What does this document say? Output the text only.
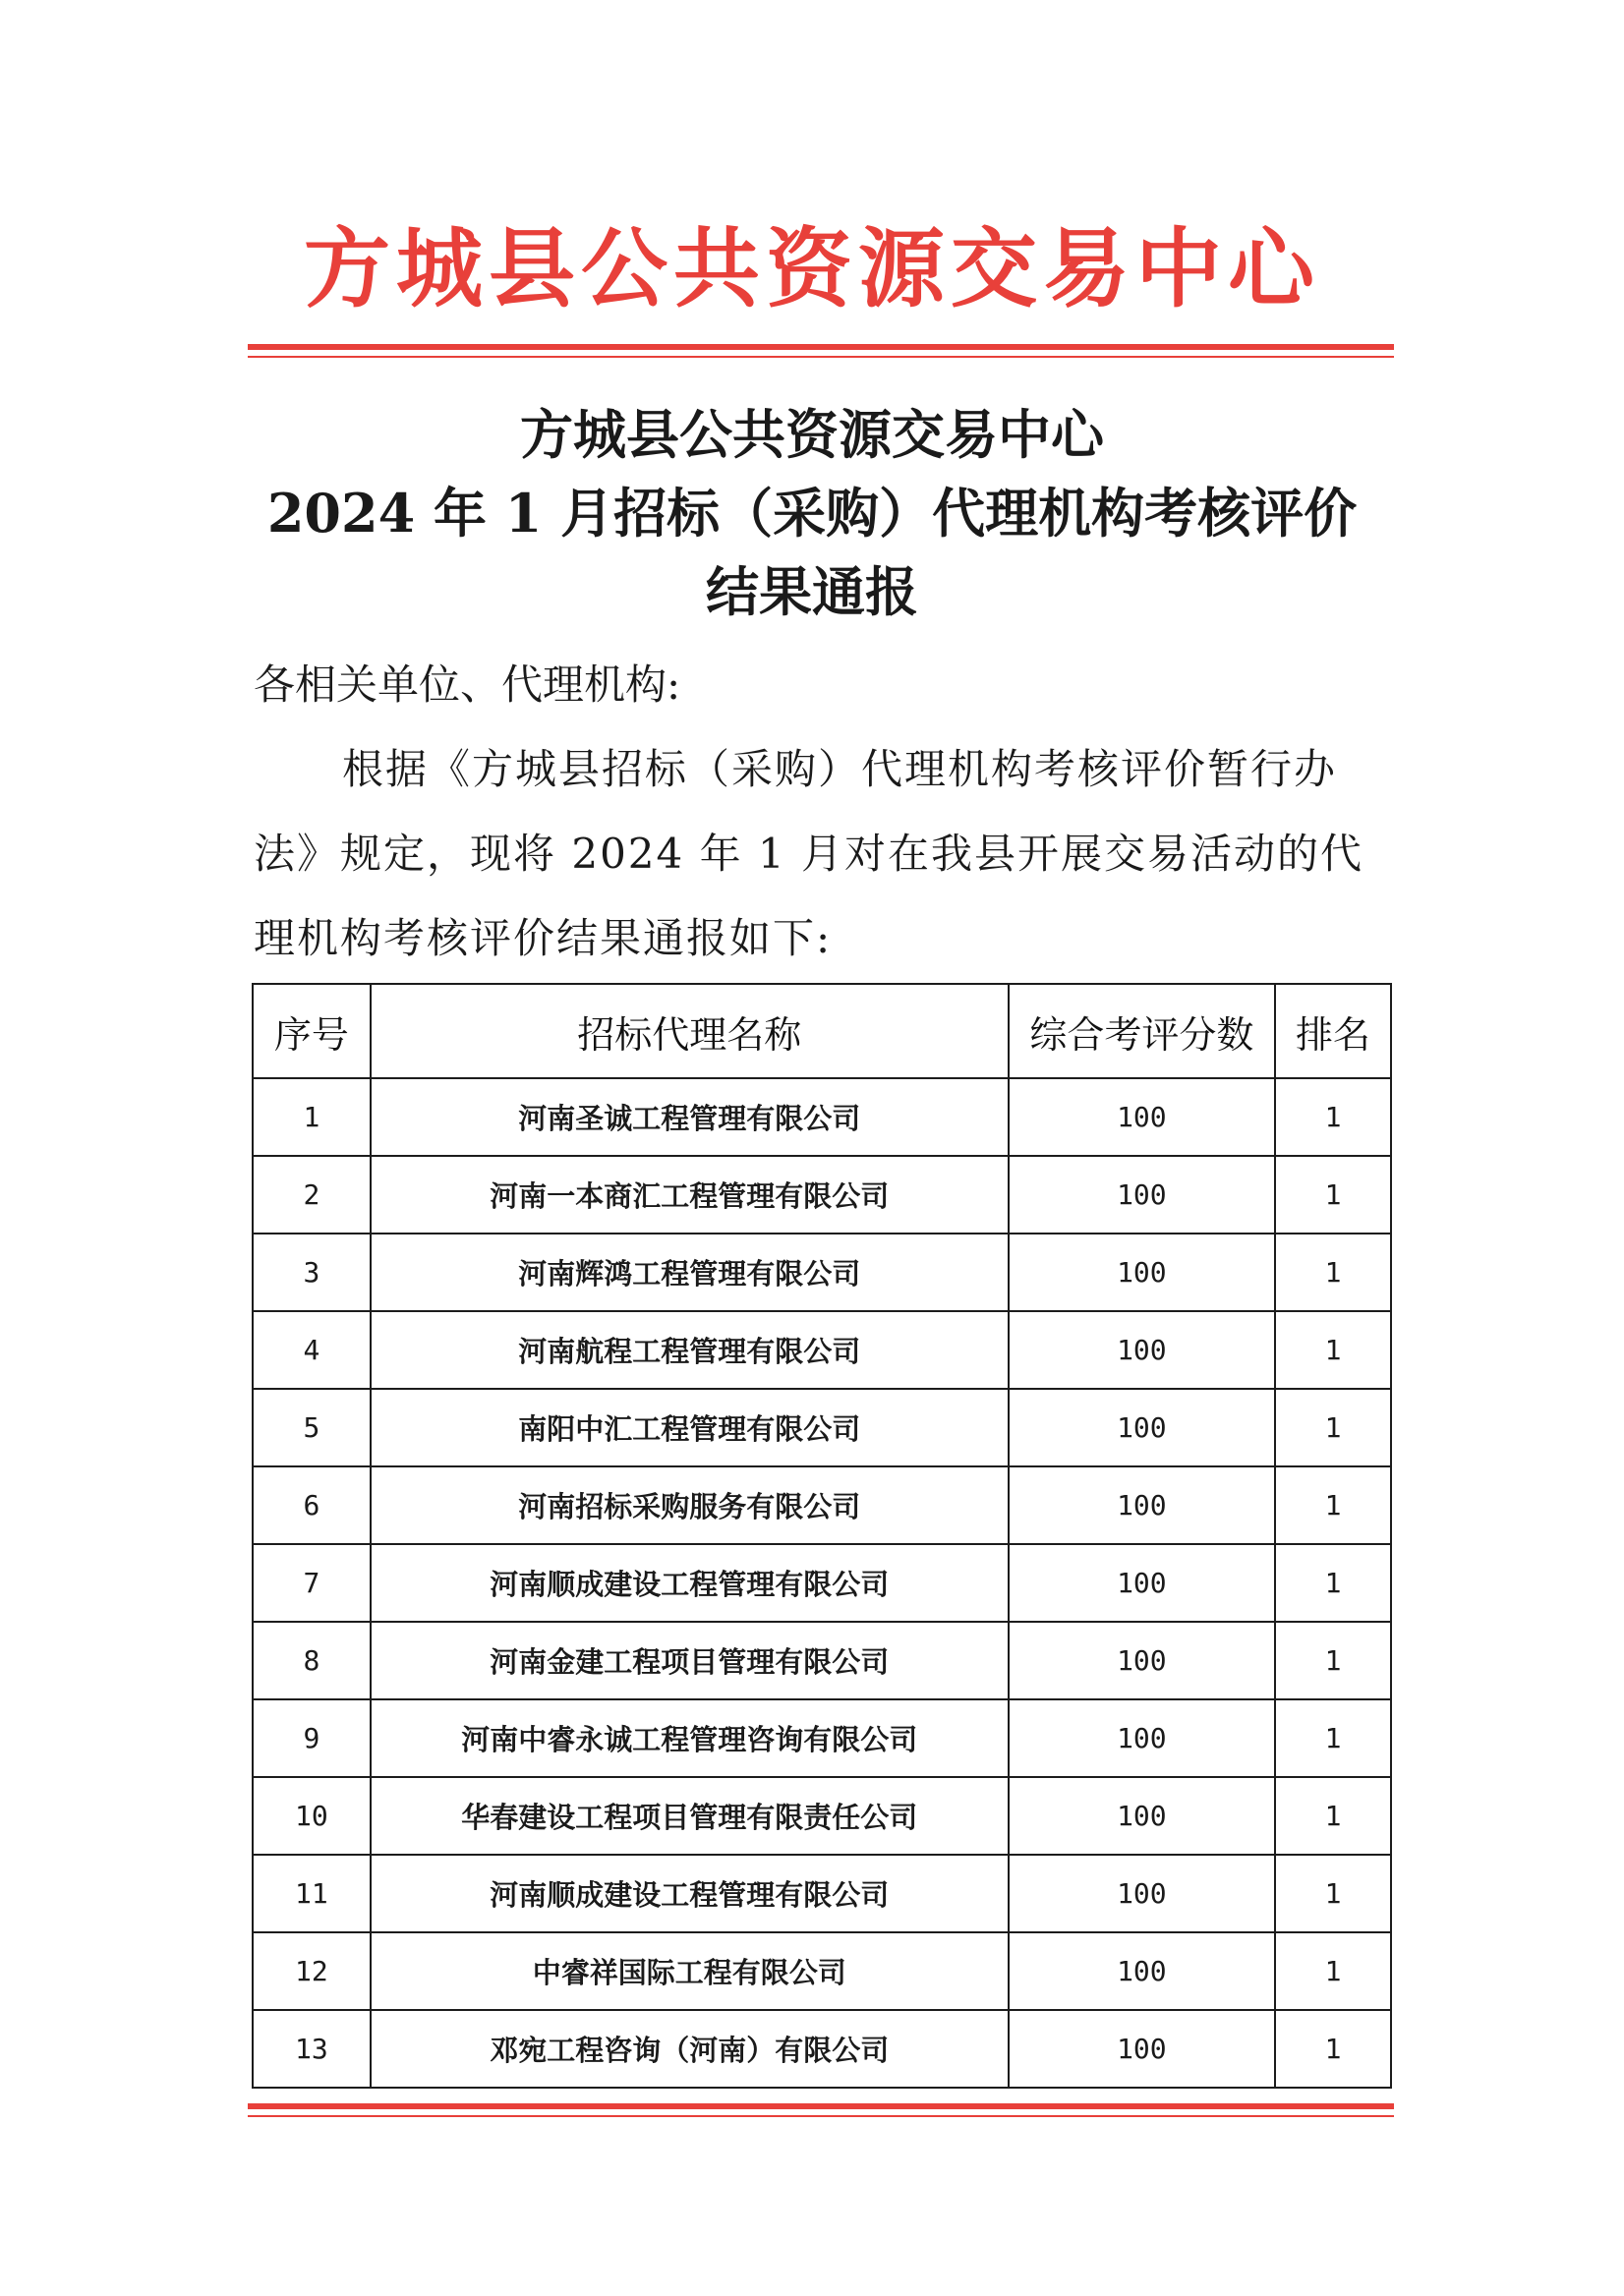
方城县公共资源交易中心
方城县公共资源交易中心
2024 年 1 月招标（采购）代理机构考核评价
结果通报
各相关单位、代理机构:
根据《方城县招标（采购）代理机构考核评价暂行办法》规定，现将 2024 年 1 月对在我县开展交易活动的代理机构考核评价结果通报如下:
序号	招标代理名称	综合考评分数	排名
1	河南圣诚工程管理有限公司	100	1
2	河南一本商汇工程管理有限公司	100	1
3	河南辉鸿工程管理有限公司	100	1
4	河南航程工程管理有限公司	100	1
5	南阳中汇工程管理有限公司	100	1
6	河南招标采购服务有限公司	100	1
7	河南顺成建设工程管理有限公司	100	1
8	河南金建工程项目管理有限公司	100	1
9	河南中睿永诚工程管理咨询有限公司	100	1
10	华春建设工程项目管理有限责任公司	100	1
11	河南顺成建设工程管理有限公司	100	1
12	中睿祥国际工程有限公司	100	1
13	邓宛工程咨询（河南）有限公司	100	1
